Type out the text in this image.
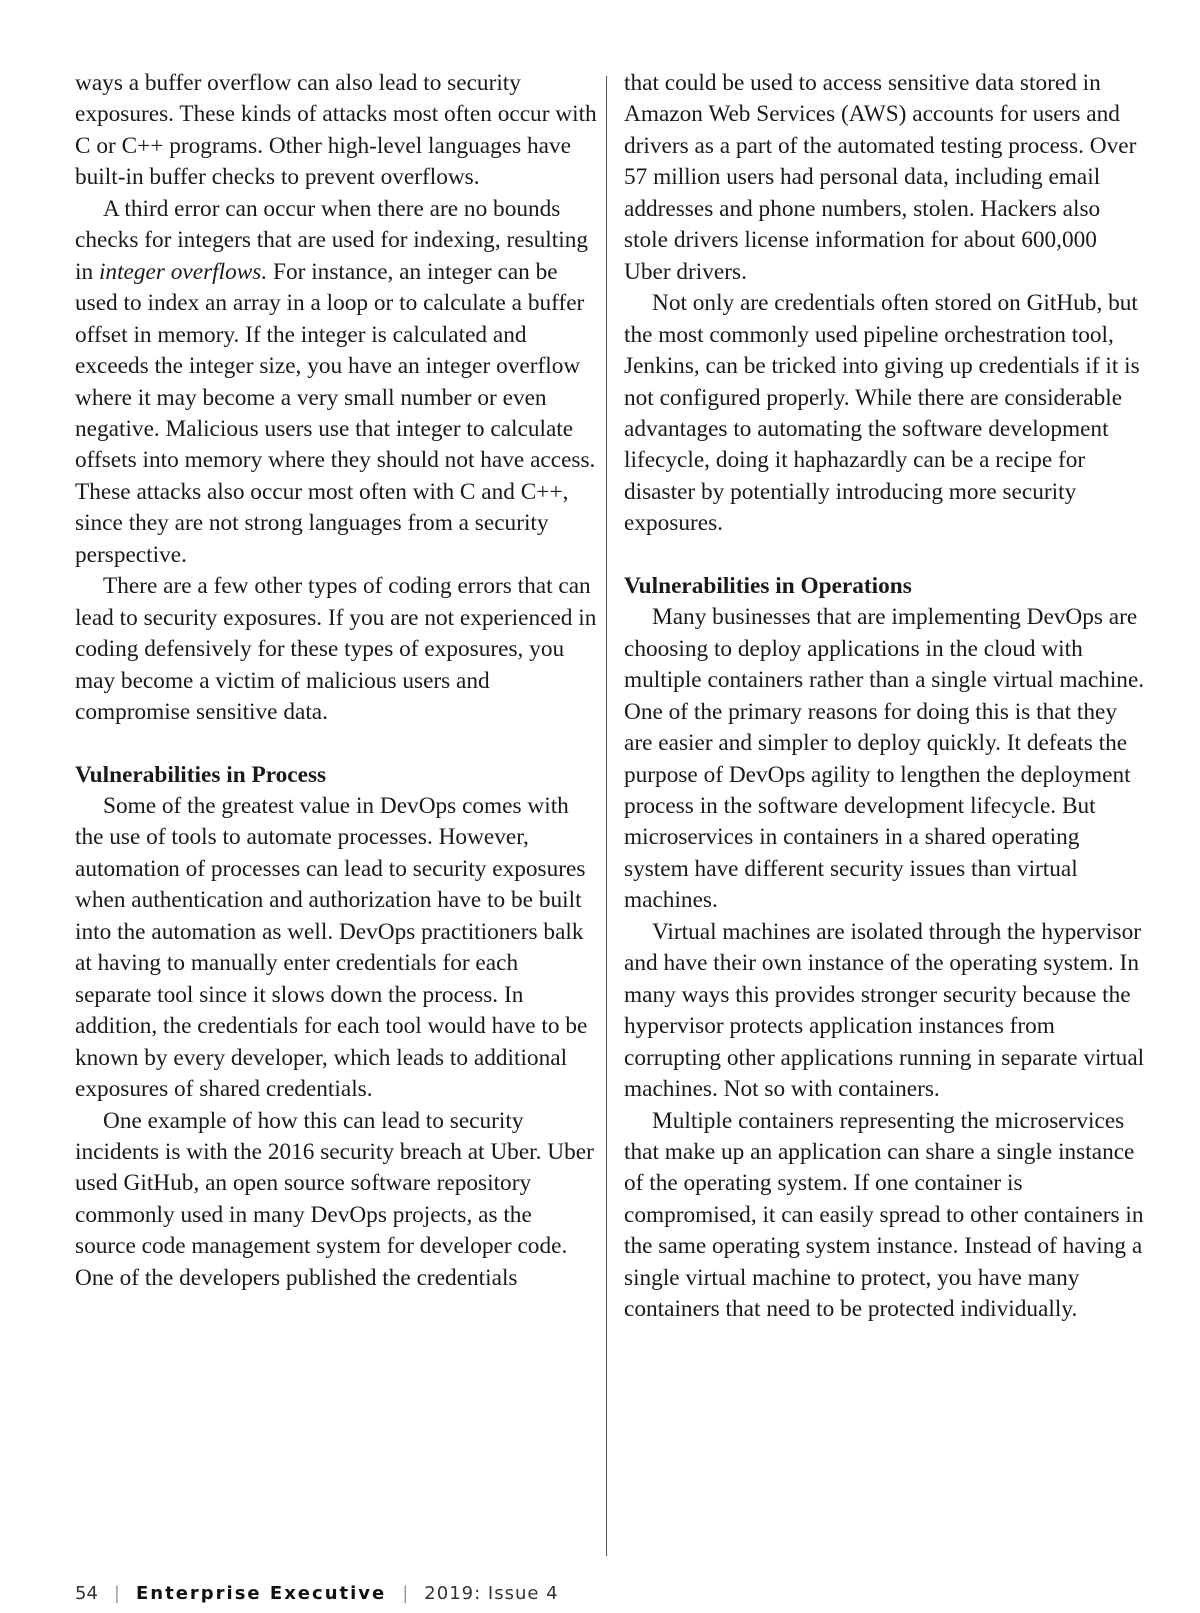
ways a buffer overflow can also lead to security exposures. These kinds of attacks most often occur with C or C++ programs. Other high-level languages have built-in buffer checks to prevent overflows.

A third error can occur when there are no bounds checks for integers that are used for indexing, resulting in integer overflows. For instance, an integer can be used to index an array in a loop or to calculate a buffer offset in memory. If the integer is calculated and exceeds the integer size, you have an integer overflow where it may become a very small number or even negative. Malicious users use that integer to calculate offsets into memory where they should not have access. These attacks also occur most often with C and C++, since they are not strong languages from a security perspective.

There are a few other types of coding errors that can lead to security exposures. If you are not experienced in coding defensively for these types of exposures, you may become a victim of malicious users and compromise sensitive data.

Vulnerabilities in Process

Some of the greatest value in DevOps comes with the use of tools to automate processes. However, automation of processes can lead to security exposures when authentication and authorization have to be built into the automation as well. DevOps practitioners balk at having to manually enter credentials for each separate tool since it slows down the process. In addition, the credentials for each tool would have to be known by every developer, which leads to additional exposures of shared credentials.

One example of how this can lead to security incidents is with the 2016 security breach at Uber. Uber used GitHub, an open source software repository commonly used in many DevOps projects, as the source code management system for developer code. One of the developers published the credentials

that could be used to access sensitive data stored in Amazon Web Services (AWS) accounts for users and drivers as a part of the automated testing process. Over 57 million users had personal data, including email addresses and phone numbers, stolen. Hackers also stole drivers license information for about 600,000 Uber drivers.

Not only are credentials often stored on GitHub, but the most commonly used pipeline orchestration tool, Jenkins, can be tricked into giving up credentials if it is not configured properly. While there are considerable advantages to automating the software development lifecycle, doing it haphazardly can be a recipe for disaster by potentially introducing more security exposures.

Vulnerabilities in Operations

Many businesses that are implementing DevOps are choosing to deploy applications in the cloud with multiple containers rather than a single virtual machine. One of the primary reasons for doing this is that they are easier and simpler to deploy quickly. It defeats the purpose of DevOps agility to lengthen the deployment process in the software development lifecycle. But microservices in containers in a shared operating system have different security issues than virtual machines.

Virtual machines are isolated through the hypervisor and have their own instance of the operating system. In many ways this provides stronger security because the hypervisor protects application instances from corrupting other applications running in separate virtual machines. Not so with containers.

Multiple containers representing the microservices that make up an application can share a single instance of the operating system. If one container is compromised, it can easily spread to other containers in the same operating system instance. Instead of having a single virtual machine to protect, you have many containers that need to be protected individually.

54 | Enterprise Executive | 2019: Issue 4
